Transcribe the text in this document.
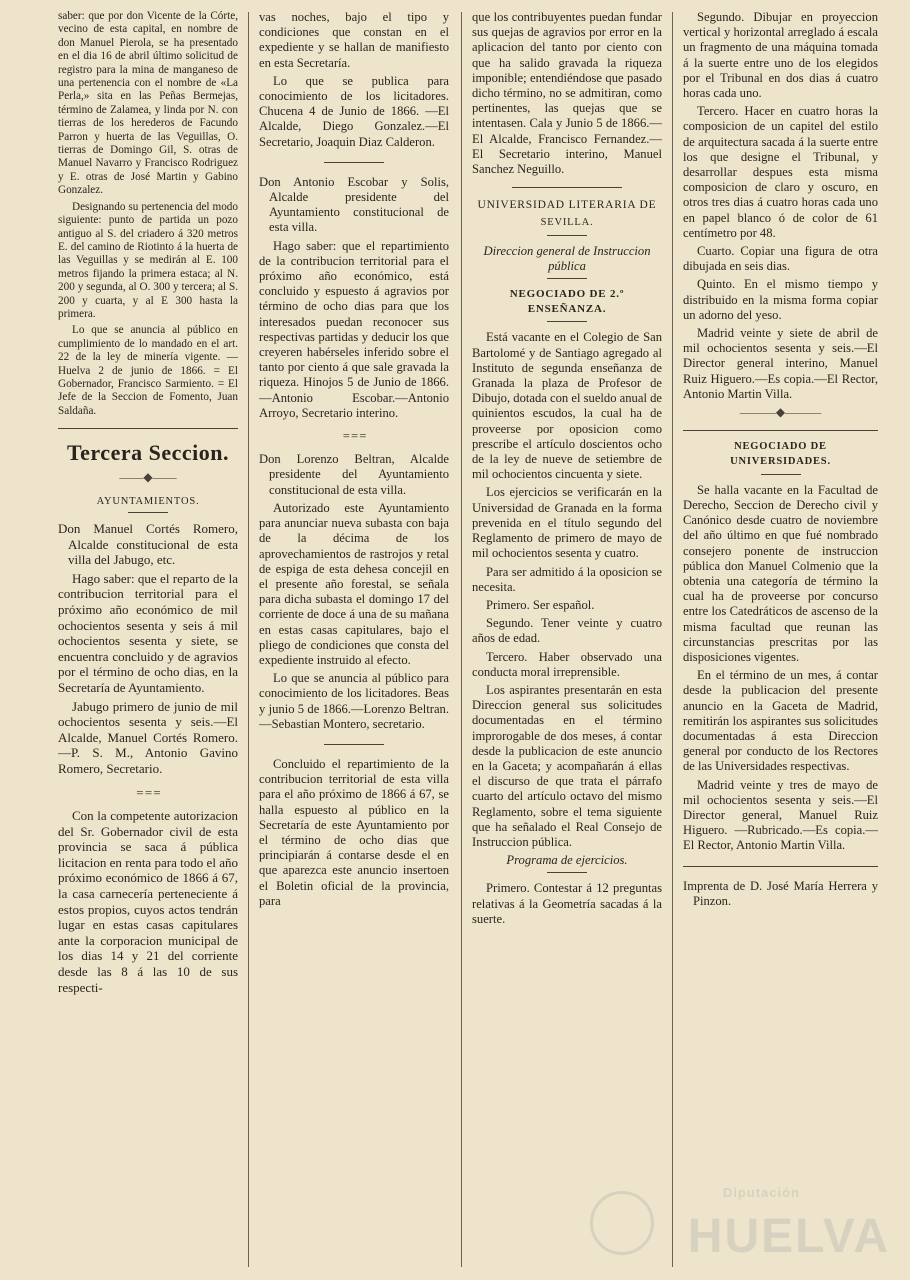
saber: que por don Vicente de la Córte, vecino de esta capital, en nombre de don Manuel Pierola, se ha presentado en el dia 16 de abril último solicitud de registro para la mina de manganeso de una pertenencia con el nombre de «La Perla,» sita en las Peñas Bermejas, término de Zalamea, y linda por N. con tierras de los herederos de Facundo Parron y huerta de las Veguillas, O. tierras de Domingo Gil, S. otras de Manuel Navarro y Francisco Rodriguez y E. otras de José Martin y Gabino Gonzalez.

Designando su pertenencia del modo siguiente: punto de partida un pozo antiguo al S. del criadero á 320 metros E. del camino de Riotinto á la huerta de las Veguillas y se medirán al E. 100 metros fijando la primera estaca; al N. 200 y segunda, al O. 300 y tercera; al S. 200 y cuarta, y al E 300 hasta la primera.

Lo que se anuncia al público en cumplimiento de lo mandado en el art. 22 de la ley de minería vigente. —Huelva 2 de junio de 1866. = El Gobernador, Francisco Sarmiento. = El Jefe de la Seccion de Fomento, Juan Saldaña.

Tercera Seccion.
——◆——
AYUNTAMIENTOS.

Don Manuel Cortés Romero, Alcalde constitucional de esta villa del Jabugo, etc.

Hago saber: que el reparto de la contribucion territorial para el próximo año económico de mil ochocientos sesenta y seis á mil ochocientos sesenta y siete, se encuentra concluido y de agravios por el término de ocho dias, en la Secretaría de Ayuntamiento.

Jabugo primero de junio de mil ochocientos sesenta y seis.—El Alcalde, Manuel Cortés Romero.—P. S. M., Antonio Gavino Romero, Secretario.

= = =

Con la competente autorizacion del Sr. Gobernador civil de esta provincia se saca á pública licitacion en renta para todo el año próximo económico de 1866 á 67, la casa carnecería perteneciente á estos propios, cuyos actos tendrán lugar en estas casas capitulares ante la corporacion municipal de los dias 14 y 21 del corriente desde las 8 á las 10 de sus respecti-

vas noches, bajo el tipo y condiciones que constan en el expediente y se hallan de manifiesto en esta Secretaría.

Lo que se publica para conocimiento de los licitadores. Chucena 4 de Junio de 1866. —El Alcalde, Diego Gonzalez.—El Secretario, Joaquin Diaz Calderon.

Don Antonio Escobar y Solis, Alcalde presidente del Ayuntamiento constitucional de esta villa.

Hago saber: que el repartimiento de la contribucion territorial para el próximo año económico, está concluido y espuesto á agravios por término de ocho dias para que los interesados puedan reconocer sus respectivas partidas y deducir los que creyeren habérseles inferido sobre el tanto por ciento á que sale gravada la riqueza. Hinojos 5 de Junio de 1866.—Antonio Escobar.—Antonio Arroyo, Secretario interino.

= = =

Don Lorenzo Beltran, Alcalde presidente del Ayuntamiento constitucional de esta villa.

Autorizado este Ayuntamiento para anunciar nueva subasta con baja de la décima de los aprovechamientos de rastrojos y retal de espiga de esta dehesa concejil en el presente año forestal, se señala para dicha subasta el domingo 17 del corriente de doce á una de su mañana en estas casas capitulares, bajo el pliego de condiciones que consta del expediente instruido al efecto.

Lo que se anuncia al público para conocimiento de los licitadores. Beas y junio 5 de 1866.—Lorenzo Beltran.—Sebastian Montero, secretario.

Concluido el repartimiento de la contribucion territorial de esta villa para el año próximo de 1866 á 67, se halla espuesto al público en la Secretaría de este Ayuntamiento por el término de ocho dias que principiarán á contarse desde el en que aparezca este anuncio insertoen el Boletin oficial de la provincia, para

que los contribuyentes puedan fundar sus quejas de agravios por error en la aplicacion del tanto por ciento con que ha salido gravada la riqueza imponible; entendiéndose que pasado dicho término, no se admitiran, como pertinentes, las quejas que se intentasen. Cala y Junio 5 de 1866.—El Alcalde, Francisco Fernandez.—El Secretario interino, Manuel Sanchez Neguillo.

UNIVERSIDAD LITERARIA DE
SEVILLA.

Direccion general de Instruccion pública

NEGOCIADO DE 2.º ENSEÑANZA.

Está vacante en el Colegio de San Bartolomé y de Santiago agregado al Instituto de segunda enseñanza de Granada la plaza de Profesor de Dibujo, dotada con el sueldo anual de quinientos escudos, la cual ha de proveerse por oposicion como prescribe el artículo doscientos ocho de la ley de nueve de setiembre de mil ochocientos cincuenta y siete.

Los ejercicios se verificarán en la Universidad de Granada en la forma prevenida en el título segundo del Reglamento de primero de mayo de mil ochocientos sesenta y cuatro.

Para ser admitido á la oposicion se necesita.

Primero. Ser español.

Segundo. Tener veinte y cuatro años de edad.

Tercero. Haber observado una conducta moral irreprensible.

Los aspirantes presentarán en esta Direccion general sus solicitudes documentadas en el término improrogable de dos meses, á contar desde la publicacion de este anuncio en la Gaceta; y acompañarán á ellas el discurso de que trata el párrafo cuarto del artículo octavo del mismo Reglamento, sobre el tema siguiente que ha señalado el Real Consejo de Instruccion pública.

Programa de ejercicios.

Primero. Contestar á 12 preguntas relativas á la Geometría sacadas á la suerte.

Segundo. Dibujar en proyeccion vertical y horizontal arreglado á escala un fragmento de una máquina tomada á la suerte entre uno de los elegidos por el Tribunal en dos dias á cuatro horas cada uno.

Tercero. Hacer en cuatro horas la composicion de un capitel del estilo de arquitectura sacada á la suerte entre los que designe el Tribunal, y desarrollar despues esta misma composicion de claro y oscuro, en otros tres dias á cuatro horas cada uno en papel blanco ó de color de 61 centímetro por 48.

Cuarto. Copiar una figura de otra dibujada en seis dias.

Quinto. En el mismo tiempo y distribuido en la misma forma copiar un adorno del yeso.

Madrid veinte y siete de abril de mil ochocientos sesenta y seis.—El Director general interino, Manuel Ruiz Higuero.—Es copia.—El Rector, Antonio Martin Villa.

———◆———
NEGOCIADO DE UNIVERSIDADES.

Se halla vacante en la Facultad de Derecho, Seccion de Derecho civil y Canónico desde cuatro de noviembre del año último en que fué nombrado consejero ponente de instruccion pública don Manuel Colmenio que la obtenia una categoría de término la cual ha de proveerse por concurso entre los Catedráticos de ascenso de la misma facultad que reunan las circunstancias prescritas por las disposiciones vigentes.

En el término de un mes, á contar desde la publicacion del presente anuncio en la Gaceta de Madrid, remitirán los aspirantes sus solicitudes documentadas á esta Direccion general por conducto de los Rectores de las Universidades respectivas.

Madrid veinte y tres de mayo de mil ochocientos sesenta y seis.—El Director general, Manuel Ruiz Higuero. —Rubricado.—Es copia.—El Rector, Antonio Martin Villa.

Imprenta de D. José María Herrera y Pinzon.

Diputación
HUELVA
